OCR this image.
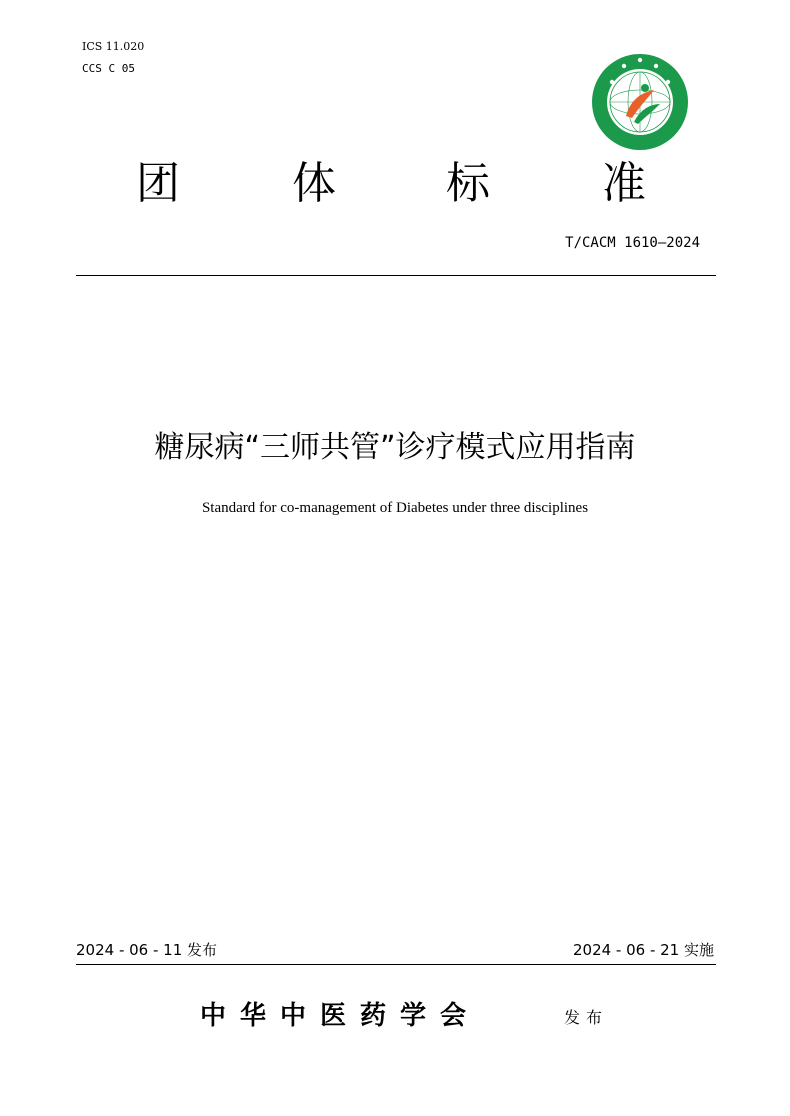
ICS 11.020
CCS C 05
团	体	标	准
T/CACM 1610—2024
糖尿病“三师共管”诊疗模式应用指南
Standard for co-management of Diabetes under three disciplines
2024 - 06 - 11 发布	2024 - 06 - 21 实施
中华中医药学会	发布
